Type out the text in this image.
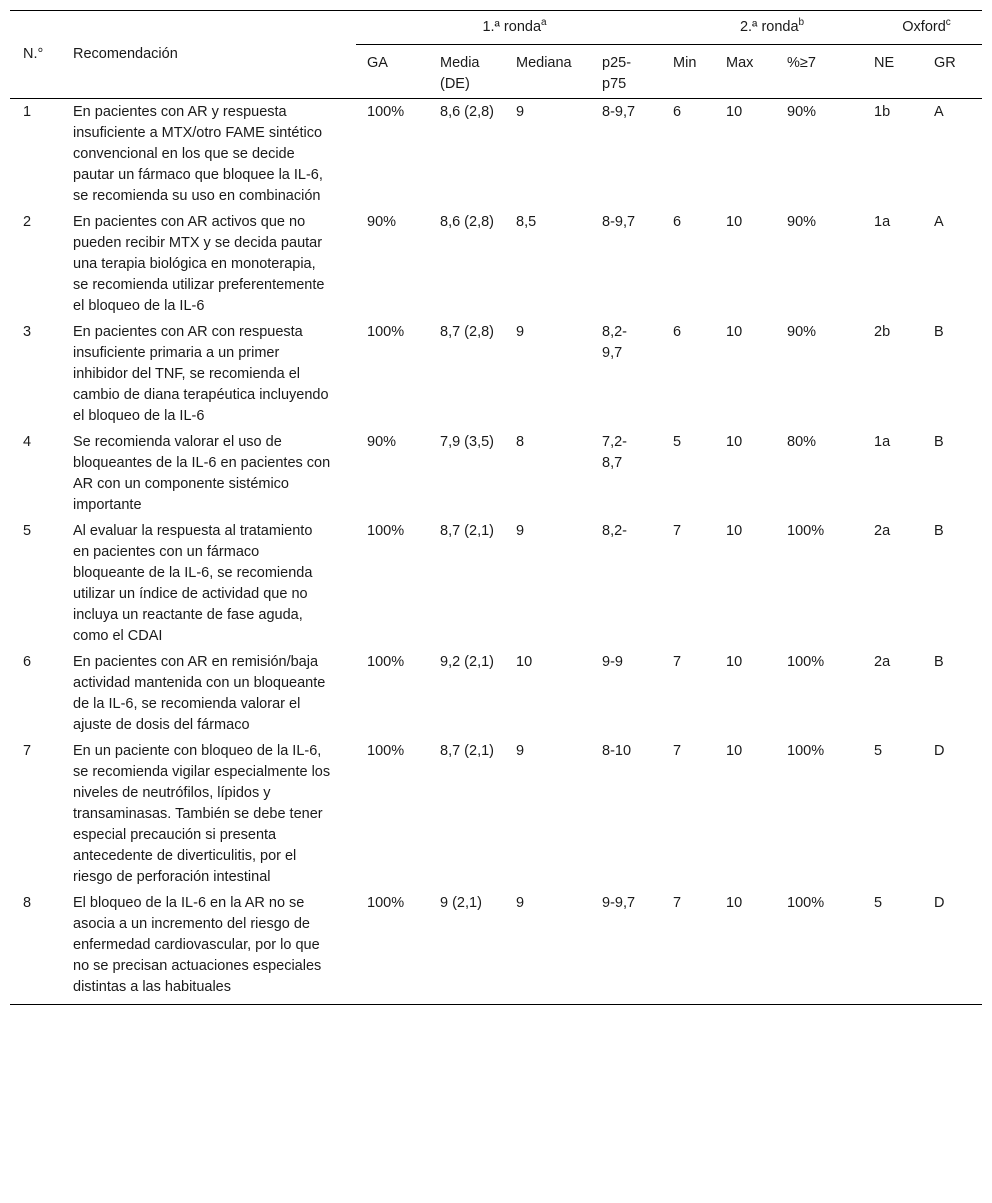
N.°	Recomendación	1.ª ronda$^a$				2.ª ronda$^b$			Oxford$^c$
		GA	Media (DE)	Mediana	p25-p75	Min	Max	%≥7	NE	GR
1	En pacientes con AR y respuesta insuficiente a MTX/otro FAME sintético convencional en los que se decide pautar un fármaco que bloquee la IL-6, se recomienda su uso en combinación	100%	8,6 (2,8)	9	8-9,7	6	10	90%	1b	A
2	En pacientes con AR activos que no pueden recibir MTX y se decida pautar una terapia biológica en monoterapia, se recomienda utilizar preferentemente el bloqueo de la IL-6	90%	8,6 (2,8)	8,5	8-9,7	6	10	90%	1a	A
3	En pacientes con AR con respuesta insuficiente primaria a un primer inhibidor del TNF, se recomienda el cambio de diana terapéutica incluyendo el bloqueo de la IL-6	100%	8,7 (2,8)	9	8,2-9,7	6	10	90%	2b	B
4	Se recomienda valorar el uso de bloqueantes de la IL-6 en pacientes con AR con un componente sistémico importante	90%	7,9 (3,5)	8	7,2-8,7	5	10	80%	1a	B
5	Al evaluar la respuesta al tratamiento en pacientes con un fármaco bloqueante de la IL-6, se recomienda utilizar un índice de actividad que no incluya un reactante de fase aguda, como el CDAI	100%	8,7 (2,1)	9	8,2-	7	10	100%	2a	B
6	En pacientes con AR en remisión/baja actividad mantenida con un bloqueante de la IL-6, se recomienda valorar el ajuste de dosis del fármaco	100%	9,2 (2,1)	10	9-9	7	10	100%	2a	B
7	En un paciente con bloqueo de la IL-6, se recomienda vigilar especialmente los niveles de neutrófilos, lípidos y transaminasas. También se debe tener especial precaución si presenta antecedente de diverticulitis, por el riesgo de perforación intestinal	100%	8,7 (2,1)	9	8-10	7	10	100%	5	D
8	El bloqueo de la IL-6 en la AR no se asocia a un incremento del riesgo de enfermedad cardiovascular, por lo que no se precisan actuaciones especiales distintas a las habituales	100%	9 (2,1)	9	9-9,7	7	10	100%	5	D
